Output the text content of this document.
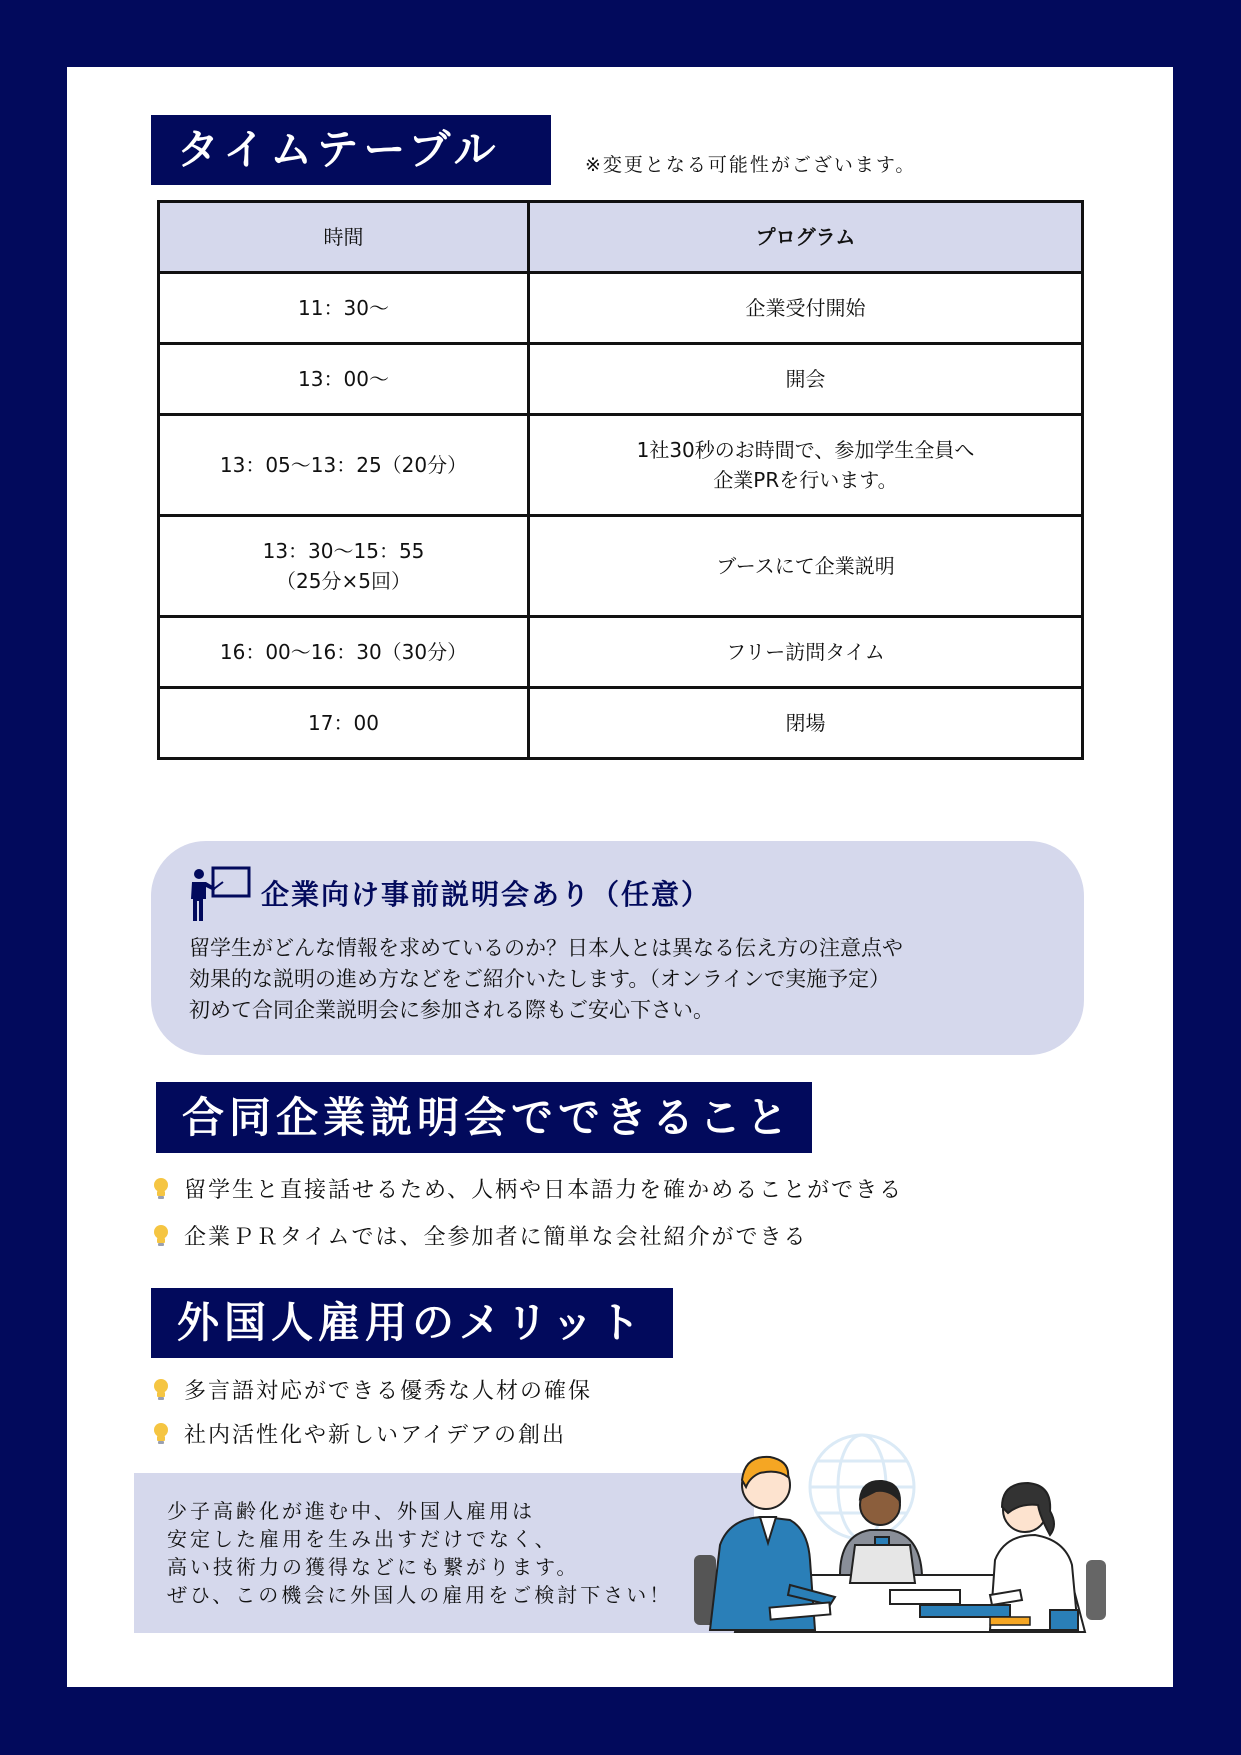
タイムテーブル	※変更となる可能性がございます。
時間	プログラム
11：30～	企業受付開始
13：00～	開会
13：05～13：25（20分）	1社30秒のお時間で、参加学生全員へ
企業PRを行います。

13：30～15：55
（25分×5回）	ブースにて企業説明
16：00～16：30（30分）	フリー訪問タイム
17：00	閉場
企業向け事前説明会あり（任意）
留学生がどんな情報を求めているのか？日本人とは異なる伝え方の注意点や
効果的な説明の進め方などをご紹介いたします。（オンラインで実施予定）
初めて合同企業説明会に参加される際もご安心下さい。
合同企業説明会でできること
留学生と直接話せるため、人柄や日本語力を確かめることができる
企業ＰＲタイムでは、全参加者に簡単な会社紹介ができる
外国人雇用のメリット
多言語対応ができる優秀な人材の確保
社内活性化や新しいアイデアの創出
少子高齢化が進む中、外国人雇用は
安定した雇用を生み出すだけでなく、
高い技術力の獲得などにも繋がります。
ぜひ、この機会に外国人の雇用をご検討下さい！
